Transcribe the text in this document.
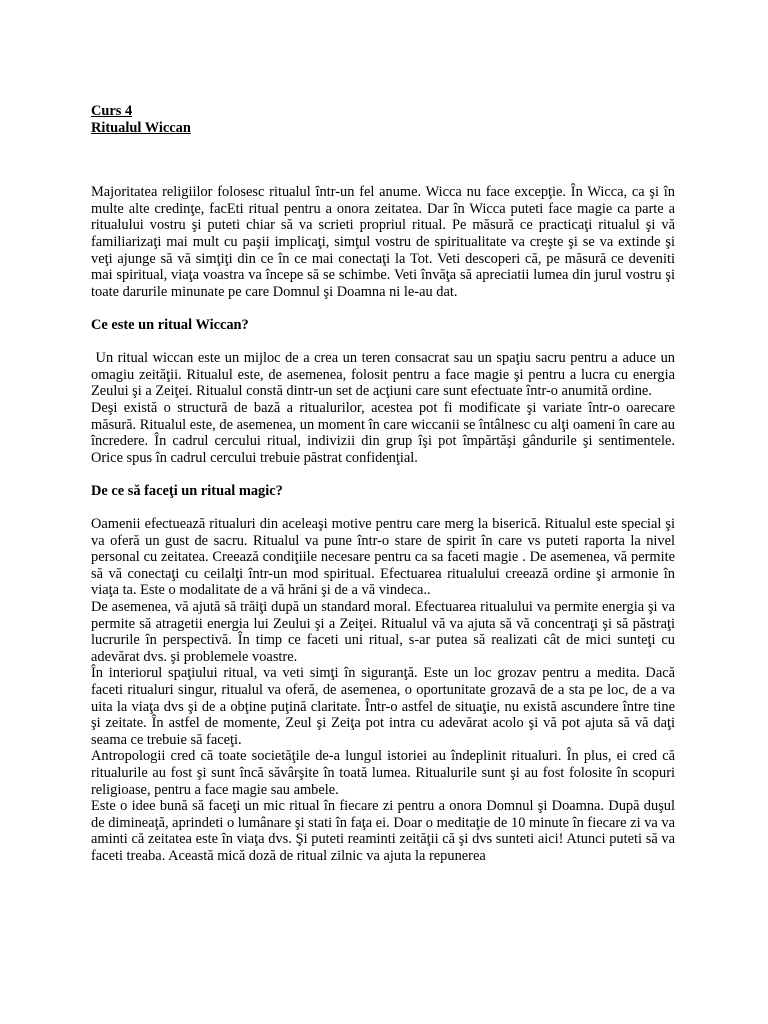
Curs 4

Ritualul Wiccan

Majoritatea religiilor folosesc ritualul într-un fel anume. Wicca nu face excepţie. În Wicca, ca şi în multe alte credinţe, facEti ritual pentru a onora zeitatea. Dar în Wicca puteti face magie ca parte a ritualului vostru şi puteti chiar să va scrieti propriul ritual. Pe măsură ce practicaţi ritualul şi vă familiarizaţi mai mult cu paşii implicaţi, simţul vostru de spiritualitate va creşte şi se va extinde şi veţi ajunge să vă simţiţi din ce în ce mai conectaţi la Tot. Veti descoperi că, pe măsură ce deveniti mai spiritual, viaţa voastra va începe să se schimbe. Veti învăţa să apreciatii lumea din jurul vostru şi toate darurile minunate pe care Domnul şi Doamna ni le-au dat.

Ce este un ritual Wiccan?

Un ritual wiccan este un mijloc de a crea un teren consacrat sau un spaţiu sacru pentru a aduce un omagiu zeităţii. Ritualul este, de asemenea, folosit pentru a face magie şi pentru a lucra cu energia Zeului şi a Zeiţei. Ritualul constă dintr-un set de acţiuni care sunt efectuate într-o anumită ordine.

Deşi există o structură de bază a ritualurilor, acestea pot fi modificate şi variate într-o oarecare măsură. Ritualul este, de asemenea, un moment în care wiccanii se întâlnesc cu alţi oameni în care au încredere. În cadrul cercului ritual, indivizii din grup îşi pot împărtăşi gândurile şi sentimentele. Orice spus în cadrul cercului trebuie păstrat confidenţial.

De ce să faceţi un ritual magic?

Oamenii efectuează ritualuri din aceleaşi motive pentru care merg la biserică. Ritualul este special şi va oferă un gust de sacru. Ritualul va pune într-o stare de spirit în care vs puteti raporta la nivel personal cu zeitatea. Creează condiţiile necesare pentru ca sa faceti magie . De asemenea, vă permite să vă conectaţi cu ceilalţi într-un mod spiritual. Efectuarea ritualului creează ordine şi armonie în viaţa ta. Este o modalitate de a vă hrăni şi de a vă vindeca..

De asemenea, vă ajută să trăiţi după un standard moral. Efectuarea ritualului va permite energia şi va permite să atragetii energia lui Zeului şi a Zeiţei. Ritualul vă va ajuta să vă concentraţi şi să păstraţi lucrurile în perspectivă. În timp ce faceti uni ritual, s-ar putea să realizati cât de mici sunteţi cu adevărat dvs. şi problemele voastre.

În interiorul spaţiului ritual, va veti simţi în siguranţă. Este un loc grozav pentru a medita. Dacă faceti ritualuri singur, ritualul va oferă, de asemenea, o oportunitate grozavă de a sta pe loc, de a va uita la viaţa dvs şi de a obţine puţină claritate. Într-o astfel de situaţie, nu există ascundere între tine şi zeitate. În astfel de momente, Zeul şi Zeiţa pot intra cu adevărat acolo şi vă pot ajuta să vă daţi seama ce trebuie să faceţi.

Antropologii cred că toate societăţile de-a lungul istoriei au îndeplinit ritualuri. În plus, ei cred că ritualurile au fost şi sunt încă săvârşite în toată lumea. Ritualurile sunt şi au fost folosite în scopuri religioase, pentru a face magie sau ambele.

Este o idee bună să faceţi un mic ritual în fiecare zi pentru a onora Domnul şi Doamna. După duşul de dimineaţă, aprindeti o lumânare şi stati în faţa ei. Doar o meditaţie de 10 minute în fiecare zi va va aminti că zeitatea este în viaţa dvs. Şi puteti reaminti zeităţii că şi dvs sunteti aici! Atunci puteti să va faceti treaba. Această mică doză de ritual zilnic va ajuta la repunerea
